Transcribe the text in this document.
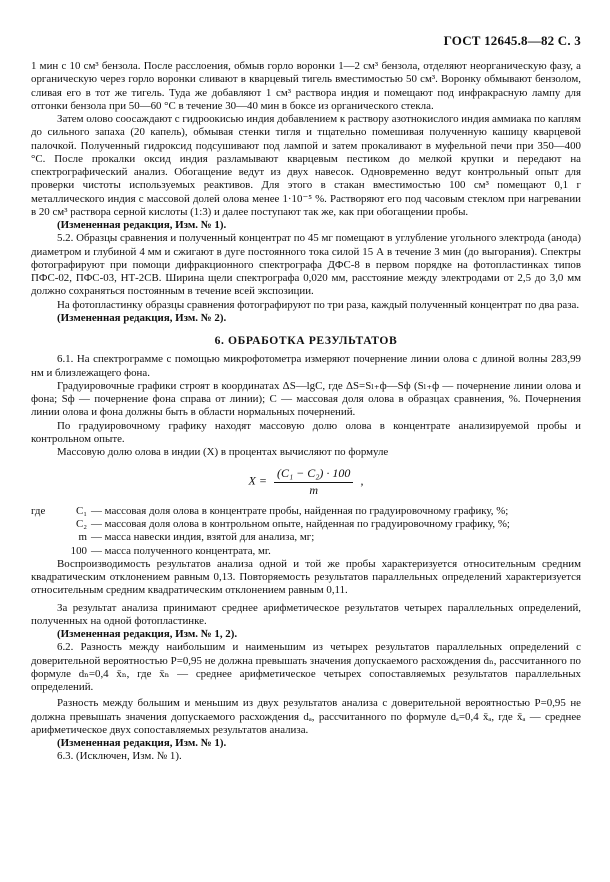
ГОСТ 12645.8—82 С. 3

1 мин с 10 см³ бензола. После расслоения, обмыв горло воронки 1—2 см³ бензола, отделяют неорганическую фазу, а органическую через горло воронки сливают в кварцевый тигель вместимостью 50 см³. Воронку обмывают бензолом, сливая его в тот же тигель. Туда же добавляют 1 см³ раствора индия и помещают под инфракрасную лампу для отгонки бензола при 50—60 °С в течение 30—40 мин в боксе из органического стекла.

Затем олово соосаждают с гидроокисью индия добавлением к раствору азотнокислого индия аммиака по каплям до сильного запаха (20 капель), обмывая стенки тигля и тщательно помешивая полученную кашицу кварцевой палочкой. Полученный гидроксид подсушивают под лампой и затем прокаливают в муфельной печи при 350—400 °С. После прокалки оксид индия разламывают кварцевым пестиком до мелкой крупки и передают на спектрографический анализ. Обогащение ведут из двух навесок. Одновременно ведут контрольный опыт для проверки чистоты используемых реактивов. Для этого в стакан вместимостью 100 см³ помещают 0,1 г металлического индия с массовой долей олова менее 1·10⁻⁵ %. Растворяют его под часовым стеклом при нагревании в 20 см³ раствора серной кислоты (1:3) и далее поступают так же, как при обогащении пробы.

(Измененная редакция, Изм. № 1).

5.2. Образцы сравнения и полученный концентрат по 45 мг помещают в углубление угольного электрода (анода) диаметром и глубиной 4 мм и сжигают в дуге постоянного тока силой 15 А в течение 3 мин (до выгорания). Спектры фотографируют при помощи дифракционного спектрографа ДФС-8 в первом порядке на фотопластинках типов ПФС-02, ПФС-03, НТ-2СВ. Ширина щели спектрографа 0,020 мм, расстояние между электродами от 2,5 до 3,0 мм должно сохраняться постоянным в течение всей экспозиции.

На фотопластинку образцы сравнения фотографируют по три раза, каждый полученный концентрат по два раза.

(Измененная редакция, Изм. № 2).

6. ОБРАБОТКА РЕЗУЛЬТАТОВ

6.1. На спектрограмме с помощью микрофотометра измеряют почернение линии олова с длиной волны 283,99 нм и близлежащего фона.

Градуировочные графики строят в координатах ΔS—lgC, где ΔS=Sₗ₊ф—Sф (Sₗ₊ф — почернение линии олова и фона; Sф — почернение фона справа от линии); С — массовая доля олова в образцах сравнения, %. Почернения линии олова и фона должны быть в области нормальных почернений.

По градуировочному графику находят массовую долю олова в концентрате анализируемой пробы и контрольном опыте.

Массовую долю олова в индии (X) в процентах вычисляют по формуле

$X = \frac{\text{(C₁ − C₂) · 100}}{m}$ ,
где	C₁ — массовая доля олова в концентрате пробы, найденная по градуировочному графику, %;
C₂ — массовая доля олова в контрольном опыте, найденная по градуировочному графику, %;
m — масса навески индия, взятой для анализа, мг;
100 — масса полученного концентрата, мг.

Воспроизводимость результатов анализа одной и той же пробы характеризуется относительным средним квадратическим отклонением равным 0,13. Повторяемость результатов параллельных определений характеризуется относительным средним квадратическим отклонением равным 0,11.

За результат анализа принимают среднее арифметическое результатов четырех параллельных определений, полученных на одной фотопластинке.

(Измененная редакция, Изм. № 1, 2).

6.2. Разность между наибольшим и наименьшим из четырех результатов параллельных определений с доверительной вероятностью P=0,95 не должна превышать значения допускаемого расхождения dₙ, рассчитанного по формуле dₙ=0,4 x̄ₙ, где x̄ₙ — среднее арифметическое четырех сопоставляемых результатов параллельных определений.

Разность между большим и меньшим из двух результатов анализа с доверительной вероятностью P=0,95 не должна превышать значения допускаемого расхождения dₐ, рассчитанного по формуле dₐ=0,4 x̄ₐ, где x̄ₐ — среднее арифметическое двух сопоставляемых результатов анализа.

(Измененная редакция, Изм. № 1).

6.3. (Исключен, Изм. № 1).
